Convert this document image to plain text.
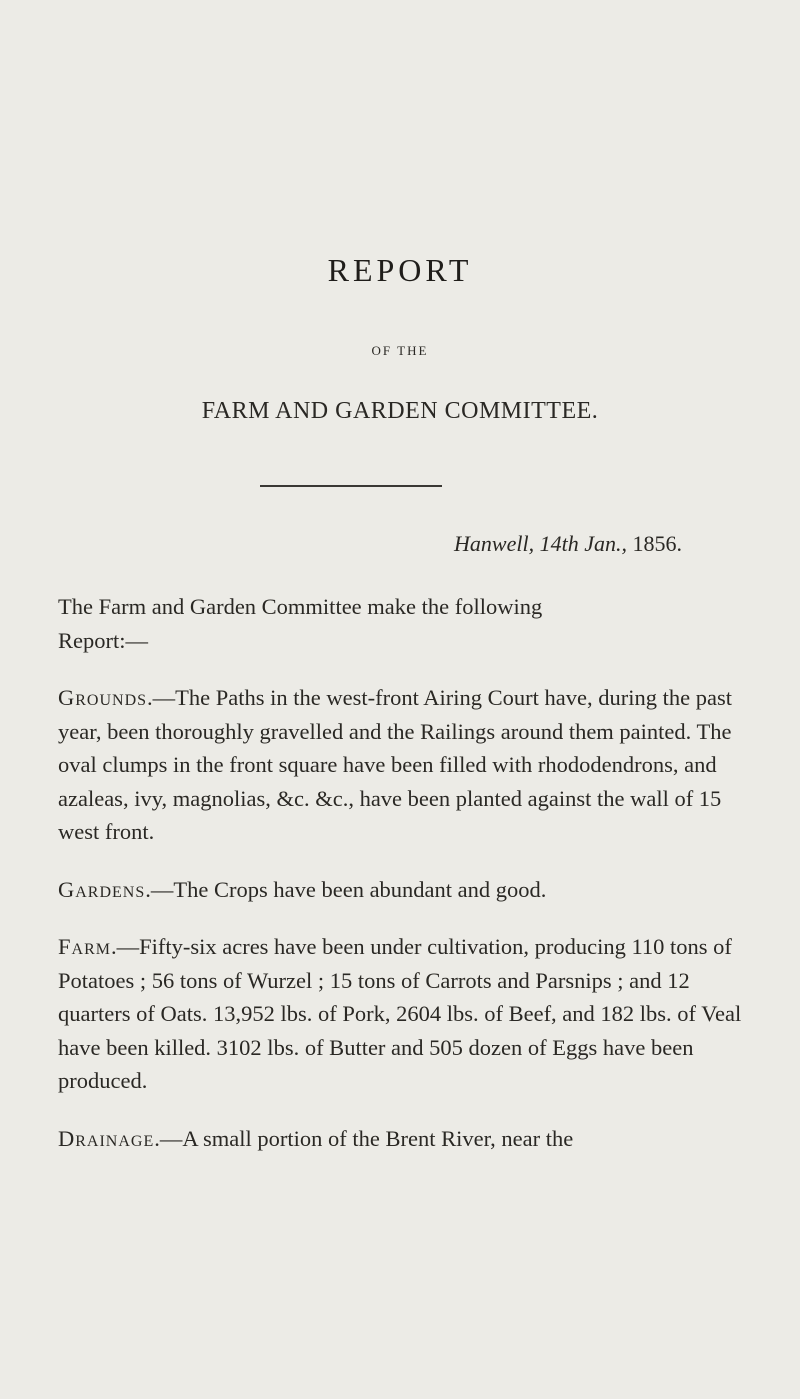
REPORT
OF THE
FARM AND GARDEN COMMITTEE.
Hanwell, 14th Jan., 1856.

The Farm and Garden Committee make the following
Report:—

Grounds.—The Paths in the west-front Airing Court have, during the past year, been thoroughly gravelled and the Railings around them painted. The oval clumps in the front square have been filled with rhododendrons, and azaleas, ivy, magnolias, &c. &c., have been planted against the wall of 15 west front.

Gardens.—The Crops have been abundant and good.

Farm.—Fifty-six acres have been under cultivation, producing 110 tons of Potatoes ; 56 tons of Wurzel ; 15 tons of Carrots and Parsnips ; and 12 quarters of Oats. 13,952 lbs. of Pork, 2604 lbs. of Beef, and 182 lbs. of Veal have been killed. 3102 lbs. of Butter and 505 dozen of Eggs have been produced.

Drainage.—A small portion of the Brent River, near the
